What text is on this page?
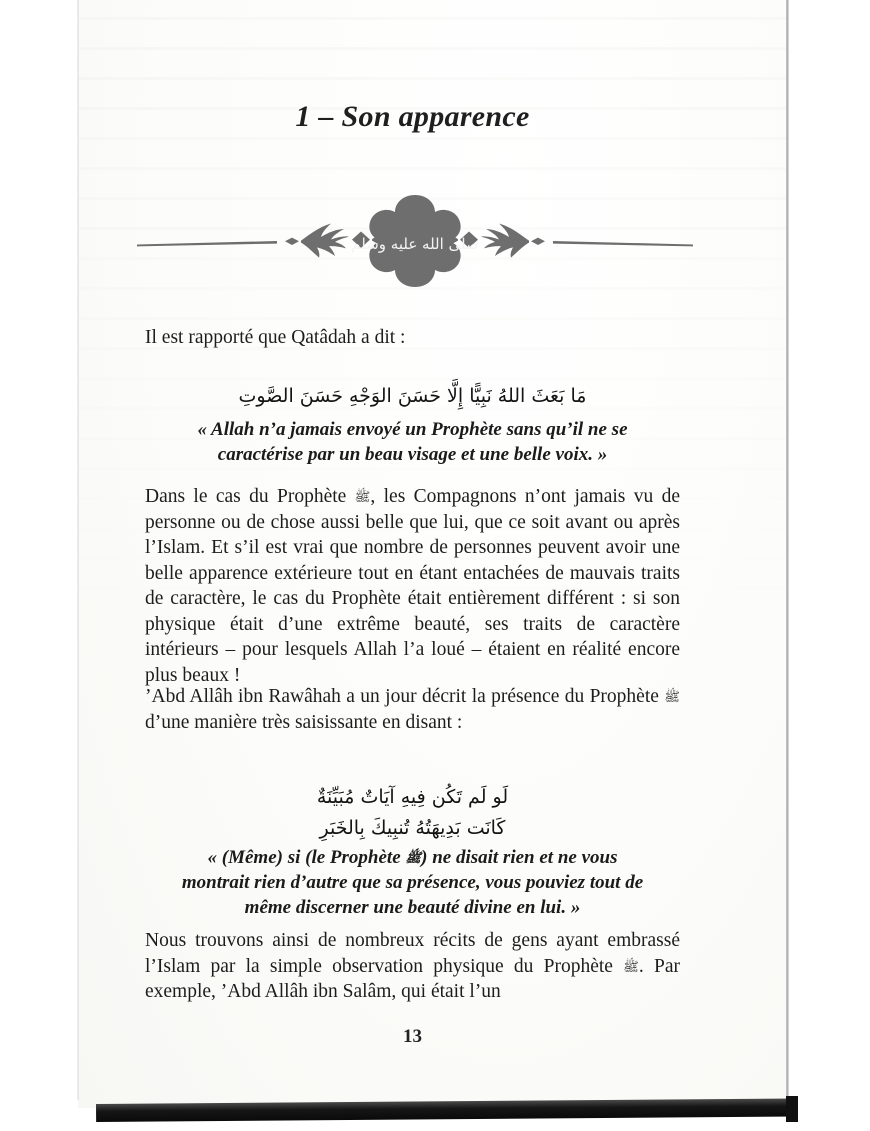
1 – Son apparence
صلى الله عليه وسلم
Il est rapporté que Qatâdah a dit :
مَا بَعَثَ اللهُ نَبِيًّا إِلَّا حَسَنَ الوَجْهِ حَسَنَ الصَّوتِ
« Allah n’a jamais envoyé un Prophète sans qu’il ne se
caractérise par un beau visage et une belle voix. »
Dans le cas du Prophète ﷺ, les Compagnons n’ont jamais vu de personne ou de chose aussi belle que lui, que ce soit avant ou après l’Islam. Et s’il est vrai que nombre de personnes peuvent avoir une belle apparence extérieure tout en étant entachées de mauvais traits de caractère, le cas du Prophète était entièrement différent : si son physique était d’une extrême beauté, ses traits de caractère intérieurs – pour lesquels Allah l’a loué – étaient en réalité encore plus beaux !
’Abd Allâh ibn Rawâhah a un jour décrit la présence du Prophète ﷺ d’une manière très saisissante en disant :
لَو لَم تَكُن فِيهِ آيَاتٌ مُبَيِّنَةٌ
كَانَت بَدِيهَتُهُ تُنبِيكَ بِالخَبَرِ
« (Même) si (le Prophète ﷺ) ne disait rien et ne vous
montrait rien d’autre que sa présence, vous pouviez tout de
même discerner une beauté divine en lui. »
Nous trouvons ainsi de nombreux récits de gens ayant embrassé l’Islam par la simple observation physique du Prophète ﷺ. Par exemple, ’Abd Allâh ibn Salâm, qui était l’un
13
